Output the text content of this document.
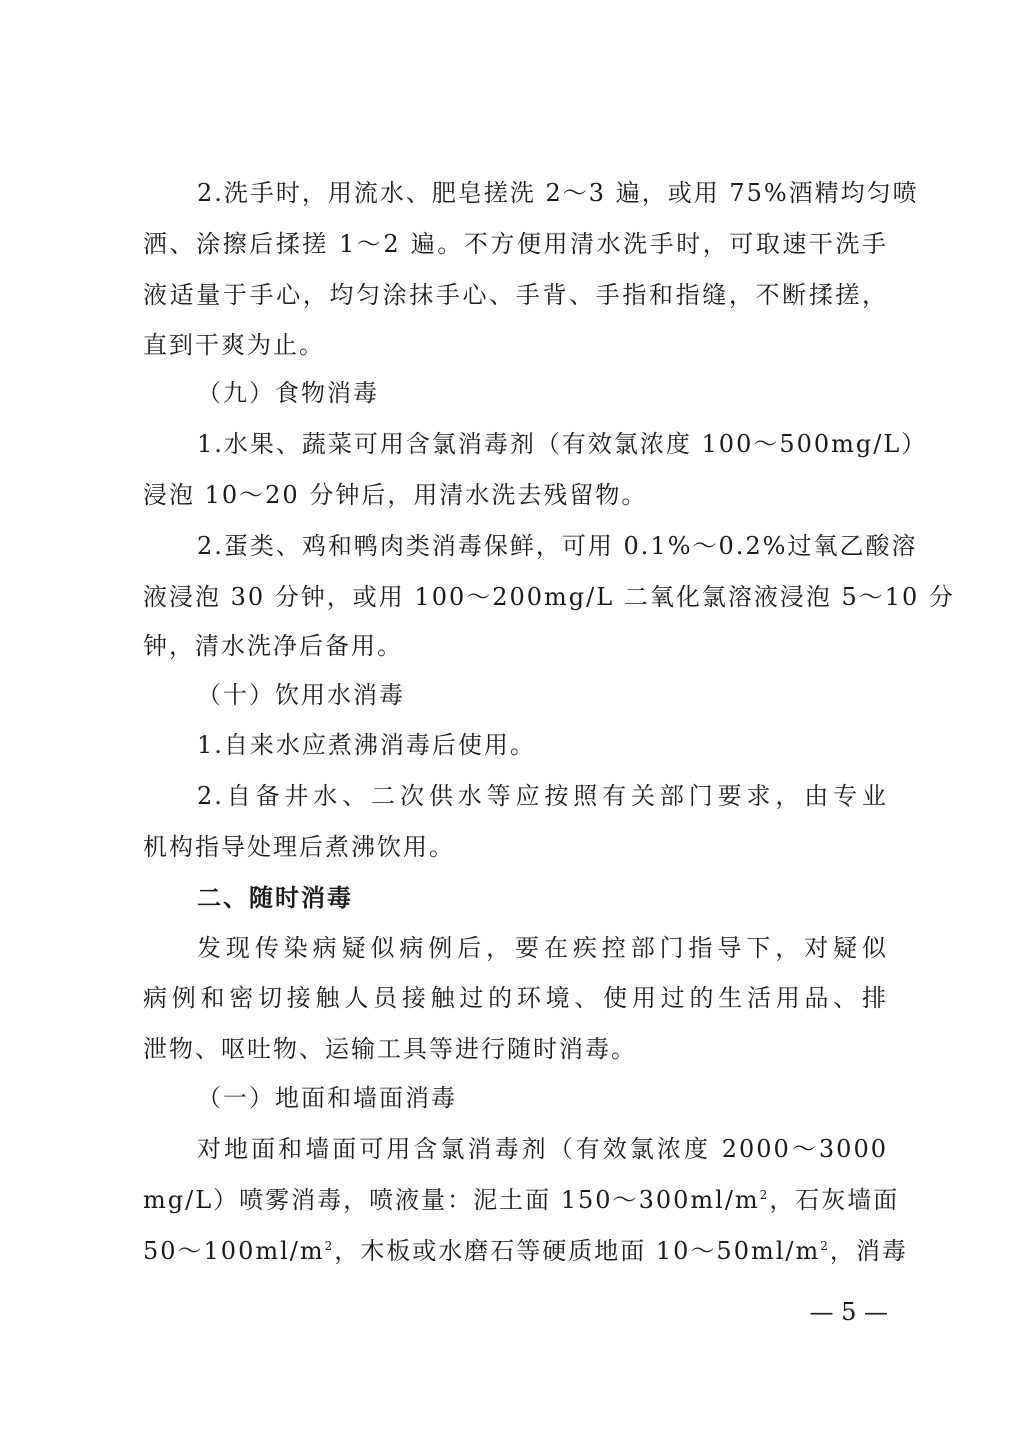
2.洗手时，用流水、肥皂搓洗 2～3 遍，或用 75%酒精均匀喷
洒、涂擦后揉搓 1～2 遍。不方便用清水洗手时，可取速干洗手
液适量于手心，均匀涂抹手心、手背、手指和指缝，不断揉搓，
直到干爽为止。
（九）食物消毒
1.水果、蔬菜可用含氯消毒剂（有效氯浓度 100～500mg/L）
浸泡 10～20 分钟后，用清水洗去残留物。
2.蛋类、鸡和鸭肉类消毒保鲜，可用 0.1%～0.2%过氧乙酸溶
液浸泡 30 分钟，或用 100～200mg/L 二氧化氯溶液浸泡 5～10 分
钟，清水洗净后备用。
（十）饮用水消毒
1.自来水应煮沸消毒后使用。
2.自备井水、二次供水等应按照有关部门要求，由专业
机构指导处理后煮沸饮用。
二、随时消毒
发现传染病疑似病例后，要在疾控部门指导下，对疑似
病例和密切接触人员接触过的环境、使用过的生活用品、排
泄物、呕吐物、运输工具等进行随时消毒。
（一）地面和墙面消毒
对地面和墙面可用含氯消毒剂（有效氯浓度 2000～3000
mg/L）喷雾消毒，喷液量：泥土面 $150\sim 300ml/m^2$，石灰墙面
$50\sim 100ml/m^2$，木板或水磨石等硬质地面 $10\sim 50ml/m^2$，消毒
— 5 —
